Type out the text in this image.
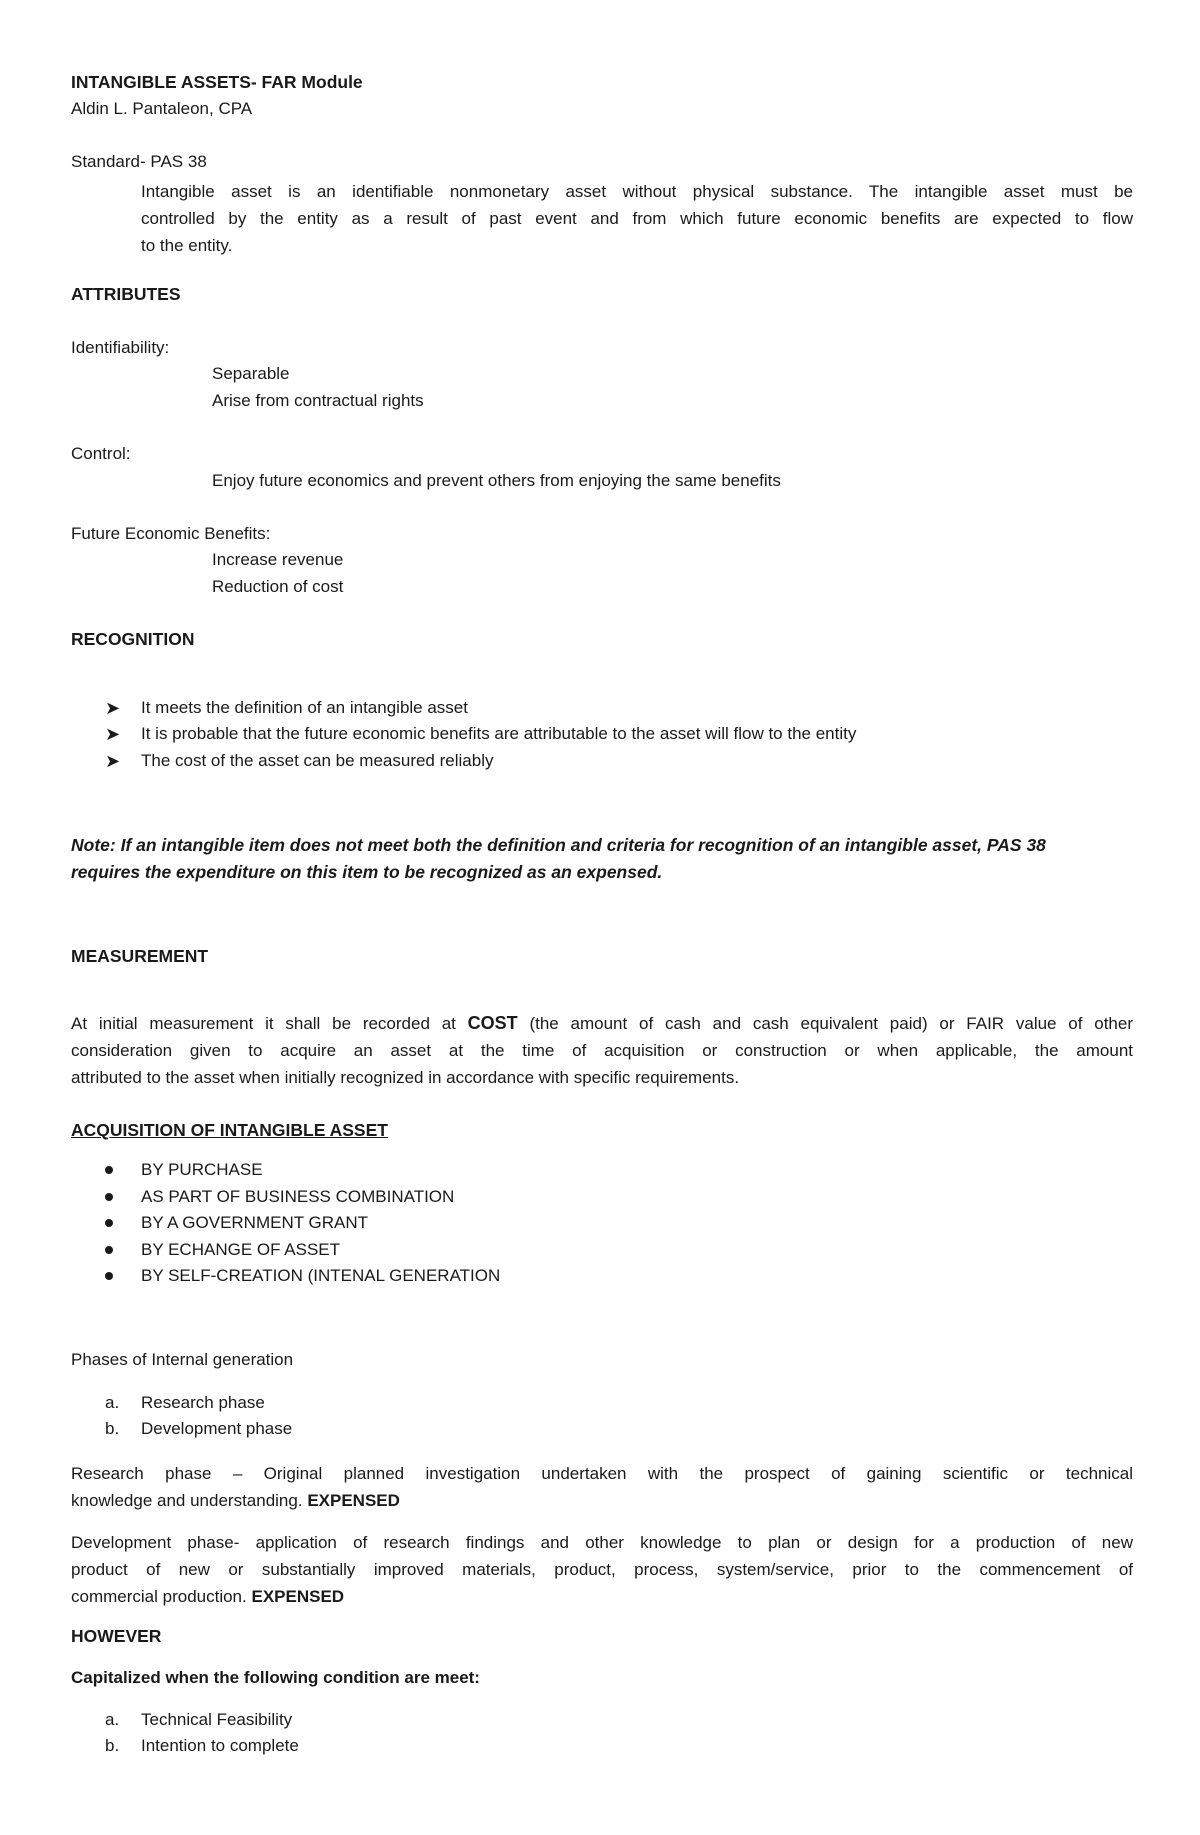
INTANGIBLE ASSETS- FAR Module
Aldin L. Pantaleon, CPA
Standard- PAS 38
Intangible asset is an identifiable nonmonetary asset without physical substance. The intangible asset must be
controlled by the entity as a result of past event and from which future economic benefits are expected to flow
to the entity.
ATTRIBUTES
Identifiability:
Separable
Arise from contractual rights
Control:
Enjoy future economics and prevent others from enjoying the same benefits
Future Economic Benefits:
Increase revenue
Reduction of cost
RECOGNITION
➤ It meets the definition of an intangible asset
➤ It is probable that the future economic benefits are attributable to the asset will flow to the entity
➤ The cost of the asset can be measured reliably
Note: If an intangible item does not meet both the definition and criteria for recognition of an intangible asset, PAS 38
requires the expenditure on this item to be recognized as an expensed.
MEASUREMENT
At initial measurement it shall be recorded at COST (the amount of cash and cash equivalent paid) or FAIR value of other
consideration given to acquire an asset at the time of acquisition or construction or when applicable, the amount
attributed to the asset when initially recognized in accordance with specific requirements.
ACQUISITION OF INTANGIBLE ASSET
BY PURCHASE
AS PART OF BUSINESS COMBINATION
BY A GOVERNMENT GRANT
BY ECHANGE OF ASSET
BY SELF-CREATION (INTENAL GENERATION
Phases of Internal generation
a. Research phase
b. Development phase
Research phase – Original planned investigation undertaken with the prospect of gaining scientific or technical
knowledge and understanding. EXPENSED
Development phase- application of research findings and other knowledge to plan or design for a production of new
product of new or substantially improved materials, product, process, system/service, prior to the commencement of
commercial production. EXPENSED
HOWEVER
Capitalized when the following condition are meet:
a. Technical Feasibility
b. Intention to complete
